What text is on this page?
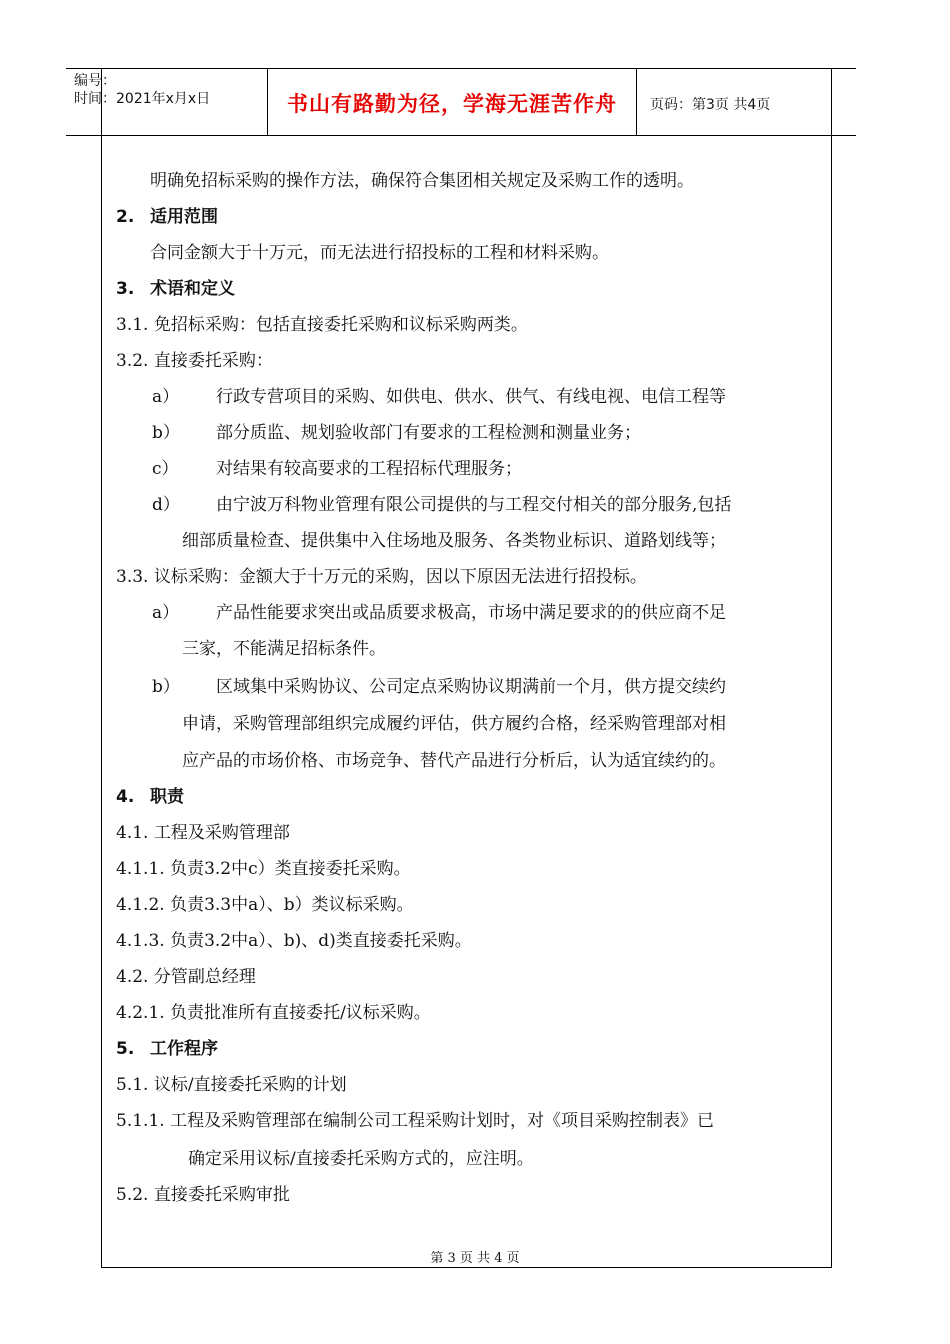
编号：
时间：2021年x月x日	书山有路勤为径，学海无涯苦作舟	页码：第3页 共4页
明确免招标采购的操作方法，确保符合集团相关规定及采购工作的透明。
2. 适用范围
合同金额大于十万元，而无法进行招投标的工程和材料采购。
3. 术语和定义
3.1. 免招标采购：包括直接委托采购和议标采购两类。
3.2. 直接委托采购：
a） 行政专营项目的采购、如供电、供水、供气、有线电视、电信工程等
b） 部分质监、规划验收部门有要求的工程检测和测量业务；
c） 对结果有较高要求的工程招标代理服务；
d） 由宁波万科物业管理有限公司提供的与工程交付相关的部分服务,包括
细部质量检查、提供集中入住场地及服务、各类物业标识、道路划线等；
3.3. 议标采购：金额大于十万元的采购，因以下原因无法进行招投标。
a） 产品性能要求突出或品质要求极高，市场中满足要求的的供应商不足
三家，不能满足招标条件。
b） 区域集中采购协议、公司定点采购协议期满前一个月，供方提交续约
申请，采购管理部组织完成履约评估，供方履约合格，经采购管理部对相
应产品的市场价格、市场竞争、替代产品进行分析后，认为适宜续约的。
4. 职责
4.1. 工程及采购管理部
4.1.1. 负责3.2中c）类直接委托采购。
4.1.2. 负责3.3中a）、b）类议标采购。
4.1.3. 负责3.2中a）、b)、d)类直接委托采购。
4.2. 分管副总经理
4.2.1. 负责批准所有直接委托/议标采购。
5. 工作程序
5.1. 议标/直接委托采购的计划
5.1.1. 工程及采购管理部在编制公司工程采购计划时，对《项目采购控制表》已
确定采用议标/直接委托采购方式的，应注明。
5.2. 直接委托采购审批
第 3 页 共 4 页
